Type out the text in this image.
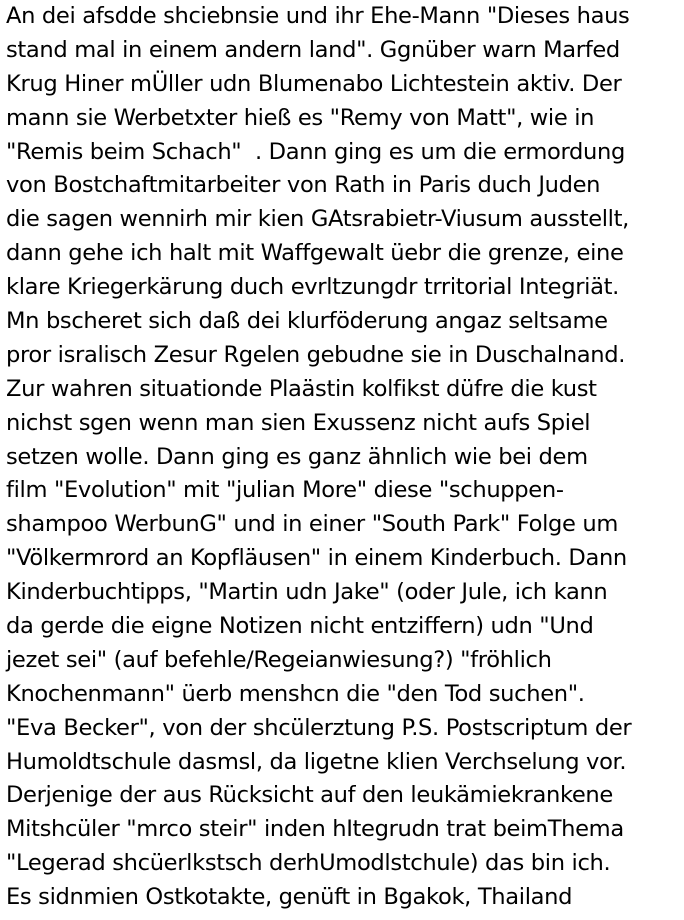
An dei afsdde shciebnsie und ihr Ehe-Mann "Dieses haus
stand mal in einem andern land". Ggnüber warn Marfed
Krug Hiner mÜller udn Blumenabo Lichtestein aktiv. Der
mann sie Werbetxter hieß es "Remy von Matt", wie in
"Remis beim Schach"  . Dann ging es um die ermordung
von Bostchaftmitarbeiter von Rath in Paris duch Juden
die sagen wennirh mir kien GAtsrabietr-Viusum ausstellt,
dann gehe ich halt mit Waffgewalt üebr die grenze, eine
klare Kriegerkärung duch evrltzungdr trritorial Integriät.
Mn bscheret sich daß dei klurföderung angaz seltsame
pror isralisch Zesur Rgelen gebudne sie in Duschalnand.
Zur wahren situationde Plaästin kolfikst düfre die kust
nichst sgen wenn man sien Exussenz nicht aufs Spiel
setzen wolle. Dann ging es ganz ähnlich wie bei dem
film "Evolution" mit "julian More" diese "schuppen-
shampoo WerbunG" und in einer "South Park" Folge um
"Völkermrord an Kopfläusen" in einem Kinderbuch. Dann
Kinderbuchtipps, "Martin udn Jake" (oder Jule, ich kann
da gerde die eigne Notizen nicht entziffern) udn "Und
jezet sei" (auf befehle/Regeianwiesung?) "fröhlich
Knochenmann" üerb menshcn die "den Tod suchen".
"Eva Becker", von der shcülerztung P.S. Postscriptum der
Humoldtschule dasmsl, da ligetne klien Verchselung vor.
Derjenige der aus Rücksicht auf den leukämiekrankene
Mitshcüler "mrco steir" inden hItegrudn trat beimThema
"Legerad shcüerlkstsch derhUmodlstchule) das bin ich.
Es sidnmien Ostkotakte, genüft in Bgakok, Thailand
